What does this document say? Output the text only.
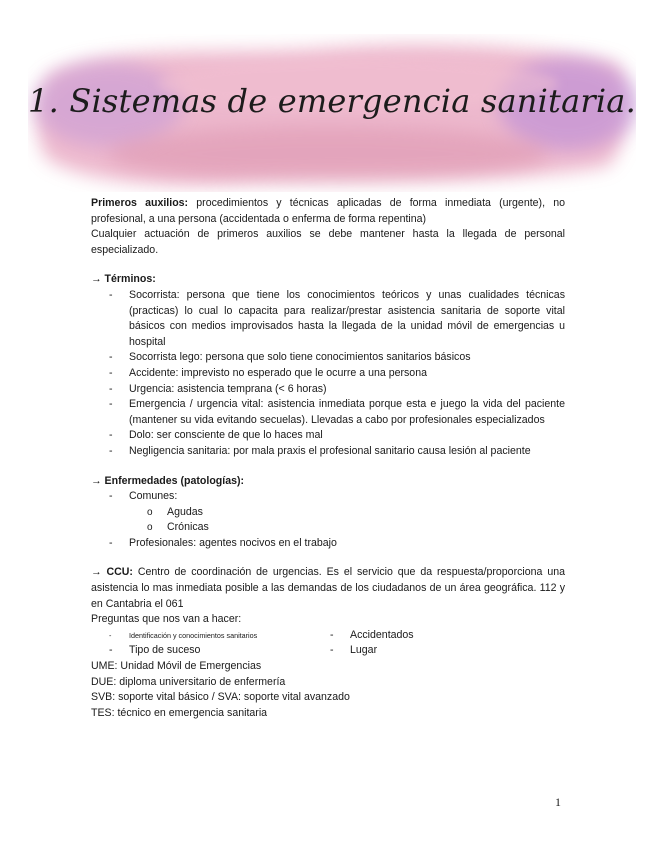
1. Sistemas de emergencia sanitaria.

Primeros auxilios: procedimientos y técnicas aplicadas de forma inmediata (urgente), no profesional, a una persona (accidentada o enferma de forma repentina)

Cualquier actuación de primeros auxilios se debe mantener hasta la llegada de personal especializado.

→ Términos:

- Socorrista: persona que tiene los conocimientos teóricos y unas cualidades técnicas (practicas) lo cual lo capacita para realizar/prestar asistencia sanitaria de soporte vital básicos con medios improvisados hasta la llegada de la unidad móvil de emergencias u hospital
- Socorrista lego: persona que solo tiene conocimientos sanitarios básicos
- Accidente: imprevisto no esperado que le ocurre a una persona
- Urgencia: asistencia temprana (< 6 horas)
- Emergencia / urgencia vital: asistencia inmediata porque esta e juego la vida del paciente (mantener su vida evitando secuelas). Llevadas a cabo por profesionales especializados
- Dolo: ser consciente de que lo haces mal
- Negligencia sanitaria: por mala praxis el profesional sanitario causa lesión al paciente

→ Enfermedades (patologías):

- Comunes:
o Agudas
o Crónicas
- Profesionales: agentes nocivos en el trabajo

→ CCU: Centro de coordinación de urgencias. Es el servicio que da respuesta/proporciona una asistencia lo mas inmediata posible a las demandas de los ciudadanos de un área geográfica. 112 y en Cantabria el 061

Preguntas que nos van a hacer:

- Identificación y conocimientos sanitarios
- Tipo de suceso
- Accidentados
- Lugar

UME: Unidad Móvil de Emergencias

DUE: diploma universitario de enfermería

SVB: soporte vital básico / SVA: soporte vital avanzado

TES: técnico en emergencia sanitaria

1
